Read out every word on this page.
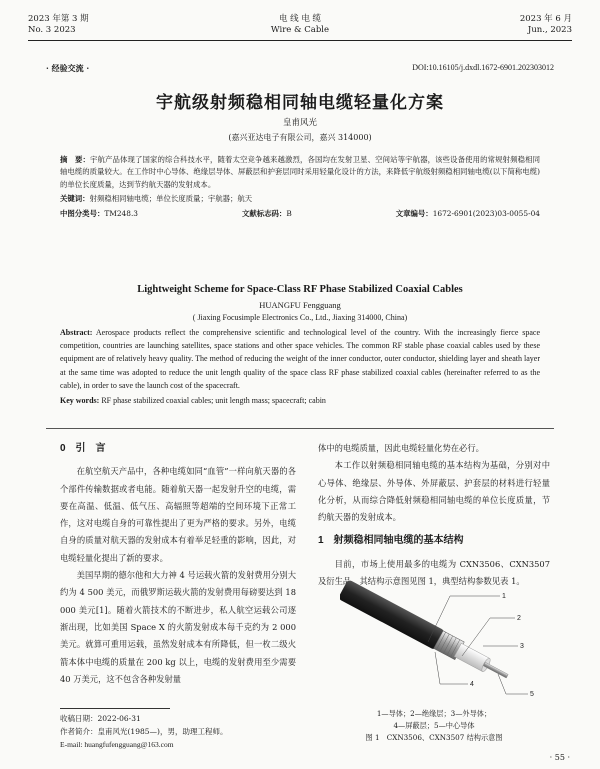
2023 年第 3 期
No. 3 2023
电 线 电 缆
Wire & Cable
2023 年 6 月
Jun., 2023
· 经验交流 ·	DOI:10.16105/j.dxdl.1672-6901.202303012
宇航级射频稳相同轴电缆轻量化方案
皇甫风光
(嘉兴亚达电子有限公司，嘉兴 314000)
摘　要：宇航产品体现了国家的综合科技水平，随着太空竞争越来越激烈，各国均在发射卫星、空间站等宇航器，该些设备使用的常规射频稳相同轴电缆的质量较大。在工作时中心导体、绝缘层导体、屏蔽层和护套层同时采用轻量化设计的方法，来降低宇航级射频稳相同轴电缆(以下简称电缆)的单位长度质量，达到节约航天器的发射成本。
关键词：射频稳相同轴电缆；单位长度质量；宇航器；航天
中图分类号：TM248.3	文献标志码：B	文章编号：1672-6901(2023)03-0055-04
Lightweight Scheme for Space-Class RF Phase Stabilized Coaxial Cables
HUANGFU Fengguang
( Jiaxing Focusimple Electronics Co., Ltd., Jiaxing 314000, China)
Abstract: Aerospace products reflect the comprehensive scientific and technological level of the country. With the increasingly fierce space competition, countries are launching satellites, space stations and other space vehicles. The common RF stable phase coaxial cables used by these equipment are of relatively heavy quality. The method of reducing the weight of the inner conductor, outer conductor, shielding layer and sheath layer at the same time was adopted to reduce the unit length quality of the space class RF phase stabilized coaxial cables (hereinafter referred to as the cable), in order to save the launch cost of the spacecraft.
Key words: RF phase stabilized coaxial cables; unit length mass; spacecraft; cabin
0　引　言

在航空航天产品中，各种电缆如同“血管”一样向航天器的各个部件传输数据或者电能。随着航天器一起发射升空的电缆，需要在高温、低温、低气压、高辐照等超端的空间环境下正常工作，这对电缆自身的可靠性提出了更为严格的要求。另外，电缆自身的质量对航天器的发射成本有着举足轻重的影响，因此，对电缆轻量化提出了新的要求。

美国早期的德尔他和大力神 4 号运载火箭的发射费用分别大约为 4 500 美元，而俄罗斯运载火箭的发射费用每磅要达到 18 000 美元[1]。随着火箭技术的不断进步，私人航空运载公司逐渐出现，比如美国 Space X 的火箭发射成本每千克约为 2 000 美元。就算可重用运载，虽然发射成本有所降低，但一枚二级火箭本体中电缆的质量在 200 kg 以上，电缆的发射费用至少需要 40 万美元，这不包含各种发射量

收稿日期：2022-06-31
作者简介：皇甫风光(1985—)，男，助理工程师。
E-mail: huangfufengguang@163.com
体中的电缆质量，因此电缆轻量化势在必行。

本工作以射频稳相同轴电缆的基本结构为基础，分别对中心导体、绝缘层、外导体、外屏蔽层、护套层的材料进行轻量化分析，从而综合降低射频稳相同轴电缆的单位长度质量，节约航天器的发射成本。

1　射频稳相同轴电缆的基本结构

目前，市场上使用最多的电缆为 CXN3506、CXN3507 及衍生品，其结构示意图见图 1，典型结构参数见表 1。

1
2
3
4
5
1—导体；2—绝缘层；3—外导体；
4—屏蔽层；5—中心导体
图 1　CXN3506、CXN3507 结构示意图
· 55 ·
